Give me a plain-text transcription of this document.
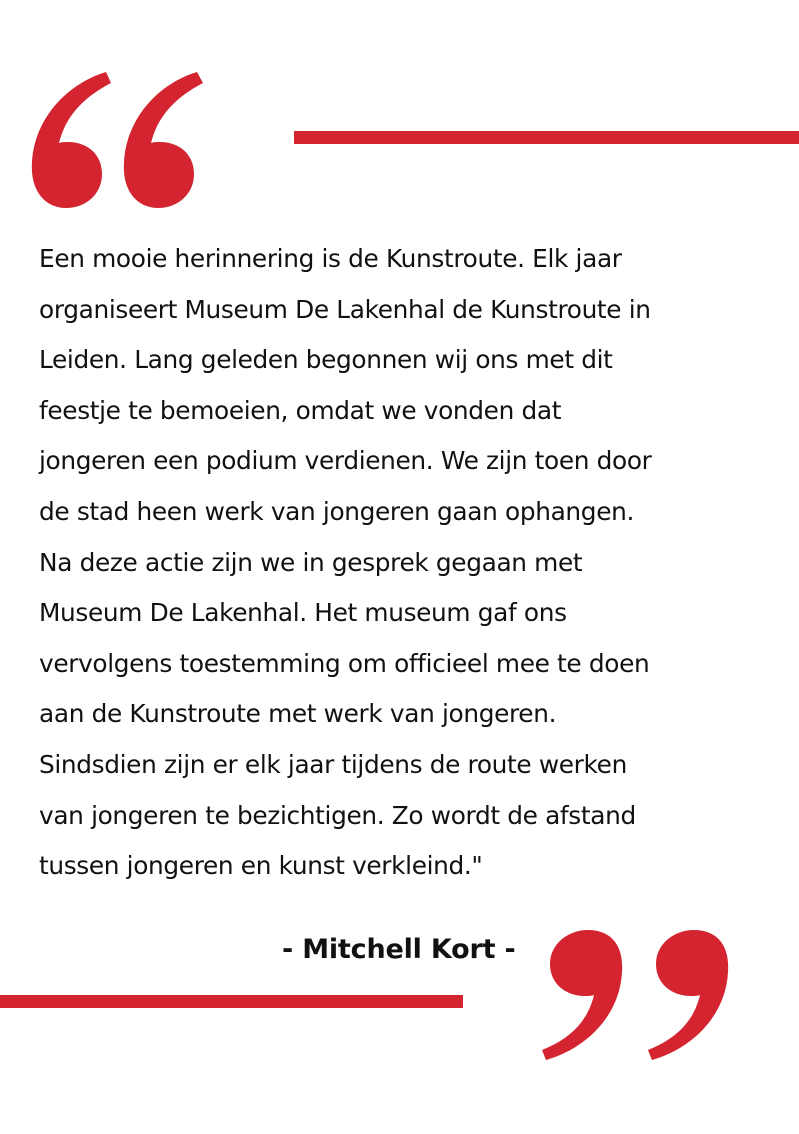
Een mooie herinnering is de Kunstroute. Elk jaar
organiseert Museum De Lakenhal de Kunstroute in
Leiden. Lang geleden begonnen wij ons met dit
feestje te bemoeien, omdat we vonden dat
jongeren een podium verdienen. We zijn toen door
de stad heen werk van jongeren gaan ophangen.
Na deze actie zijn we in gesprek gegaan met
Museum De Lakenhal. Het museum gaf ons
vervolgens toestemming om officieel mee te doen
aan de Kunstroute met werk van jongeren.
Sindsdien zijn er elk jaar tijdens de route werken
van jongeren te bezichtigen. Zo wordt de afstand
tussen jongeren en kunst verkleind."

- Mitchell Kort -
